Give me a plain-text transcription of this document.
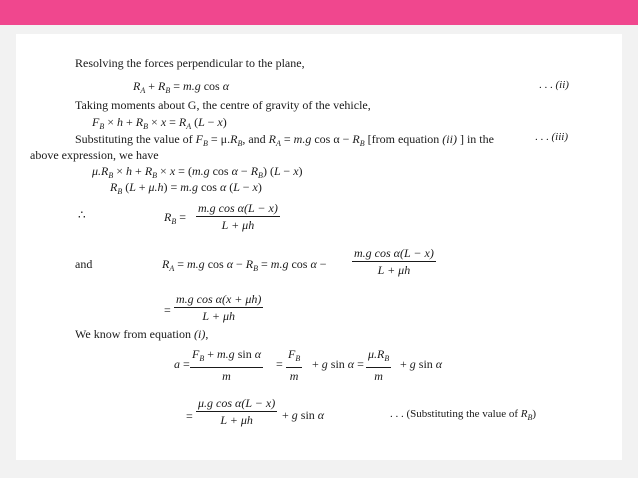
Resolving the forces perpendicular to the plane,
$R_A + R_B = m.g$ cos α	. . . (ii)
Taking moments about G, the centre of gravity of the vehicle,
$F_B \times h + R_B \times x = R_A$ (L − x)
. . . (iii)
Substituting the value of $F_B = \mu.R_B$, and $R_A = m.g$ $\cos \alpha - R_B$ [from equation (ii) ] in the
above expression, we have
$\mu.R_B \times h + R_B \times x = (m.g$ $\cos \alpha - R_B$) (L − x)
$R_B$ (L + μ.h) = m.g cos α (L − x)
∴	$R_B = \frac{\text{m.g cos α(L − x)}}{L + \mu h}$
and	$R_A = m.g$ $\cos \alpha - R_B = m.g$ $\cos \alpha - \frac{\text{m.g cos α(L − x)}}{L + \mu h}$
= $\frac{\text{m.g cos α(x + μh)}}{L + \mu h}$
We know from equation (i),
$a = \frac{F_B + m.g \sin \alpha}{m} = \frac{F_B}{m} + g$ $\sin \alpha = \frac{\mu.R_B}{m} + g$ sin α
= $\frac{\text{μ.g cos α(L − x)}}{L + \mu h} + g$ sin α	. . . (Substituting the value of $R_B$)
